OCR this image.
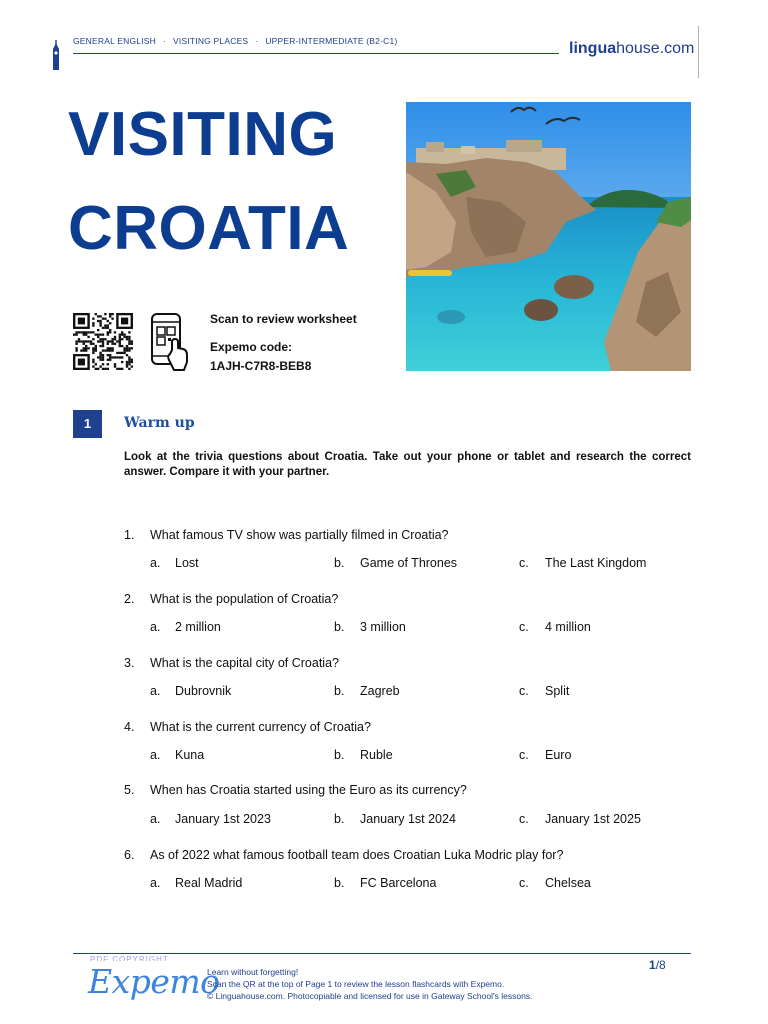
GENERAL ENGLISH · VISITING PLACES · UPPER-INTERMEDIATE (B2-C1)	linguahouse.com
VISITING
CROATIA
Scan to review worksheet
Expemo code:
1AJH-C7R8-BEB8
1	Warm up
Look at the trivia questions about Croatia. Take out your phone or tablet and research the correct answer. Compare it with your partner.
1. What famous TV show was partially filmed in Croatia?
a. Lost	b. Game of Thrones	c. The Last Kingdom
2. What is the population of Croatia?
a. 2 million	b. 3 million	c. 4 million
3. What is the capital city of Croatia?
a. Dubrovnik	b. Zagreb	c. Split
4. What is the current currency of Croatia?
a. Kuna	b. Ruble	c. Euro
5. When has Croatia started using the Euro as its currency?
a. January 1st 2023	b. January 1st 2024	c. January 1st 2025
6. As of 2022 what famous football team does Croatian Luka Modric play for?
a. Real Madrid	b. FC Barcelona	c. Chelsea
PDF COPYRIGHT
Expemo
Learn without forgetting!
Scan the QR at the top of Page 1 to review the lesson flashcards with Expemo.
© Linguahouse.com. Photocopiable and licensed for use in Gateway School's lessons.
1/8
